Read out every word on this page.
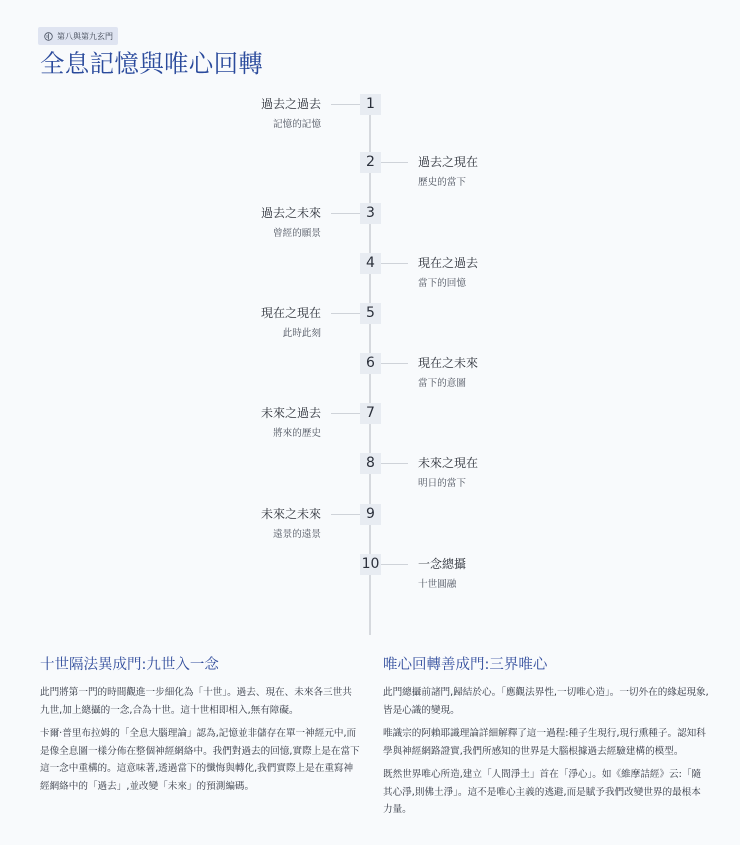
第八與第九玄門
全息記憶與唯心回轉
1
過去之過去
記憶的記憶
2	過去之現在
歷史的當下
3
過去之未來
曾經的願景
4	現在之過去
當下的回憶
5
現在之現在
此時此刻
6	現在之未來
當下的意圖
7
未來之過去
將來的歷史
8	未來之現在
明日的當下
9
未來之未來
遠景的遠景
10	一念總攝
十世圓融
十世隔法異成門:九世入一念

此門將第一門的時間觀進一步細化為「十世」。過去、現在、未來各三世共九世,加上總攝的一念,合為十世。這十世相即相入,無有障礙。

卡爾·普里布拉姆的「全息大腦理論」認為,記憶並非儲存在單一神經元中,而是像全息圖一樣分佈在整個神經網絡中。我們對過去的回憶,實際上是在當下這一念中重構的。這意味著,透過當下的懺悔與轉化,我們實際上是在重寫神經網絡中的「過去」,並改變「未來」的預測編碼。

唯心回轉善成門:三界唯心

此門總攝前諸門,歸結於心。「應觀法界性,一切唯心造」。一切外在的緣起現象,皆是心識的變現。

唯識宗的阿賴耶識理論詳細解釋了這一過程:種子生現行,現行熏種子。認知科學與神經網路證實,我們所感知的世界是大腦根據過去經驗建構的模型。

既然世界唯心所造,建立「人間淨土」首在「淨心」。如《維摩詰經》云:「隨其心淨,則佛土淨」。這不是唯心主義的逃避,而是賦予我們改變世界的最根本力量。
